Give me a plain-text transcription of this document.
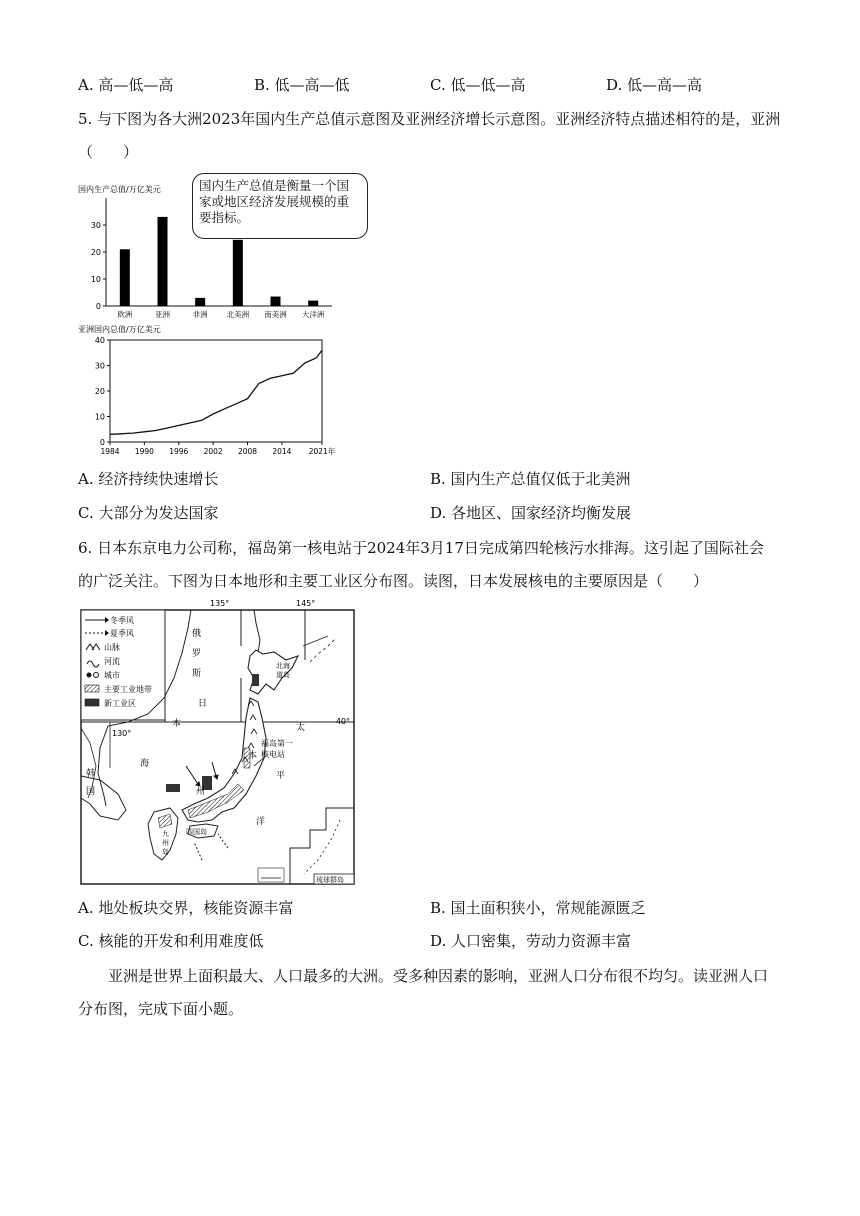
A. 高—低—高	B. 低—高—低	C. 低—低—高	D. 低—高—高
5. 与下图为各大洲2023年国内生产总值示意图及亚洲经济增长示意图。亚洲经济特点描述相符的是，亚洲
（　　）
国内生产总值/万亿美元
0
10
20
30
欧洲	亚洲	非洲	北美洲 南美洲 大洋洲
国内生产总值是衡量一个国家或地区经济发展规模的重要指标。
亚洲国内总值/万亿美元
0
10
20
30
40
1984 1990 1996 2002 2008 2014 2021年
A. 经济持续快速增长	B. 国内生产总值仅低于北美洲
C. 大部分为发达国家	D. 各地区、国家经济均衡发展
6. 日本东京电力公司称，福岛第一核电站于2024年3月17日完成第四轮核污水排海。这引起了国际社会
的广泛关注。下图为日本地形和主要工业区分布图。读图，日本发展核电的主要原因是（　　）
135°	145°
130°
40°
冬季风
夏季风
山脉
河流
城市
主要工业地带
新工业区
北海
道岛
福岛第一
核电站
四国岛
九
州
岛
俄
罗
斯
日
本
海
韩
国
本
州
太
平
洋
琉球群岛
A. 地处板块交界，核能资源丰富	B. 国土面积狭小，常规能源匮乏
C. 核能的开发和利用难度低	D. 人口密集，劳动力资源丰富
亚洲是世界上面积最大、人口最多的大洲。受多种因素的影响，亚洲人口分布很不均匀。读亚洲人口
分布图，完成下面小题。
